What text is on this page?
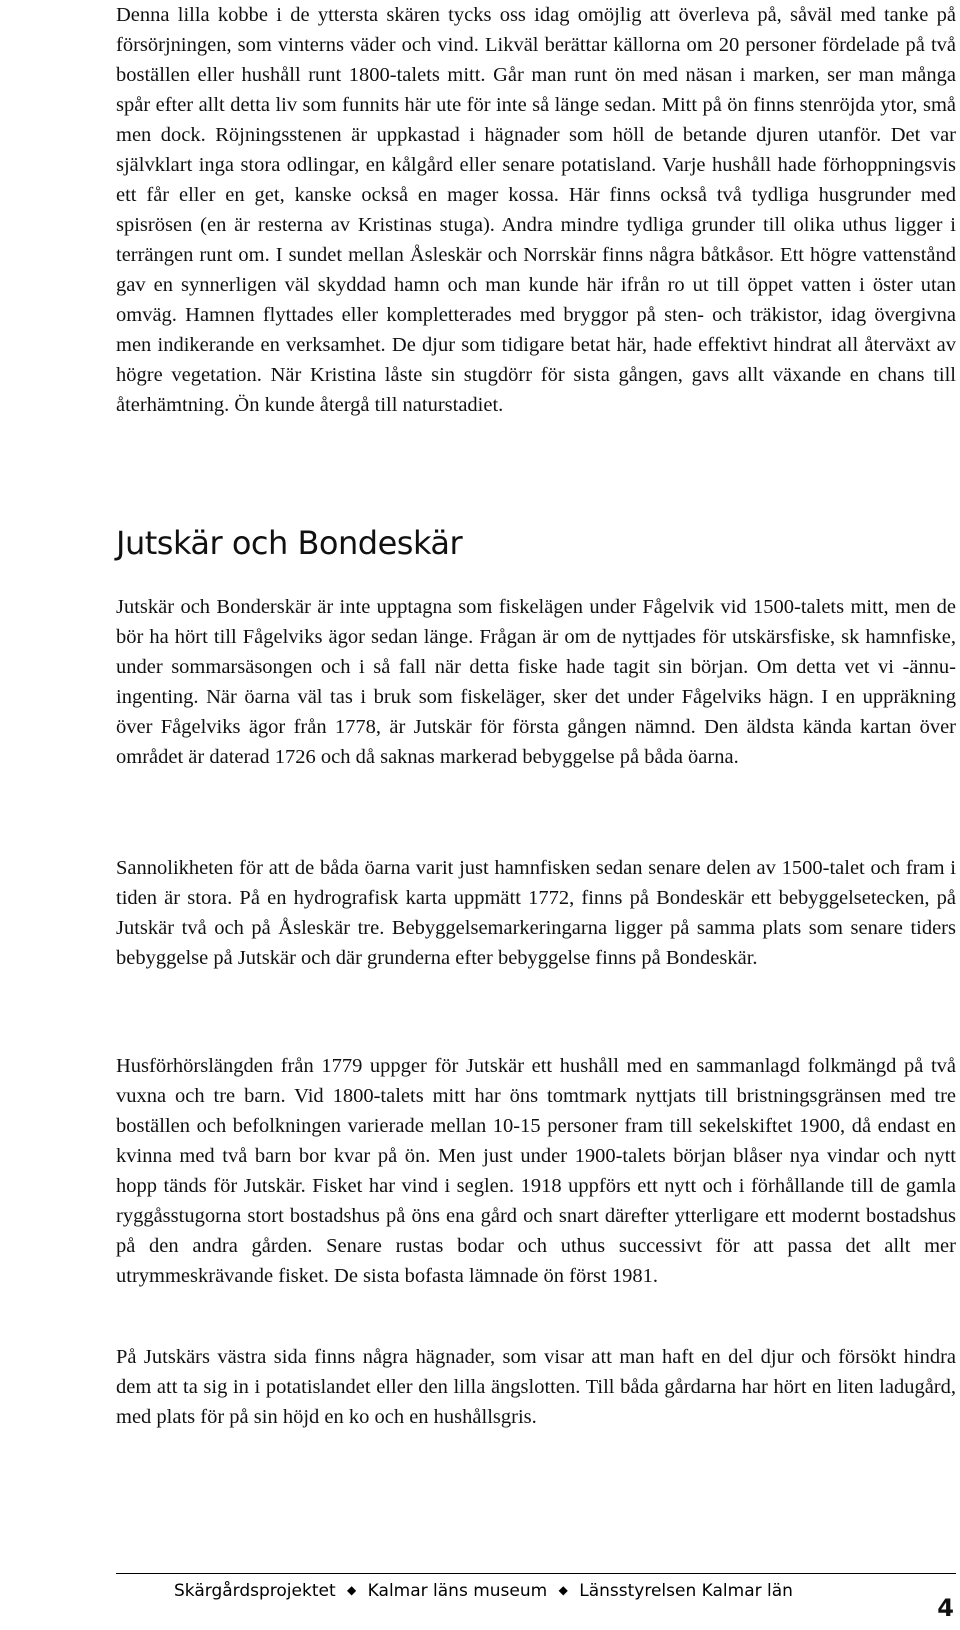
Denna lilla kobbe i de yttersta skären tycks oss idag omöjlig att överleva på, såväl med tanke på försörjningen, som vinterns väder och vind. Likväl berättar källorna om 20 personer fördelade på två boställen eller hushåll runt 1800-talets mitt. Går man runt ön med näsan i marken, ser man många spår efter allt detta liv som funnits här ute för inte så länge sedan. Mitt på ön finns stenröjda ytor, små men dock. Röjningsstenen är uppkastad i hägnader som höll de betande djuren utanför. Det var självklart inga stora odlingar, en kålgård eller senare potatisland. Varje hushåll hade förhoppningsvis ett får eller en get, kanske också en mager kossa. Här finns också två tydliga husgrunder med spisrösen (en är resterna av Kristinas stuga). Andra mindre tydliga grunder till olika uthus ligger i terrängen runt om. I sundet mellan Åsleskär och Norrskär finns några båtkåsor. Ett högre vattenstånd gav en synnerligen väl skyddad hamn och man kunde här ifrån ro ut till öppet vatten i öster utan omväg. Hamnen flyttades eller kompletterades med bryggor på sten- och träkistor, idag övergivna men indikerande en verksamhet. De djur som tidigare betat här, hade effektivt hindrat all återväxt av högre vegetation. När Kristina låste sin stugdörr för sista gången, gavs allt växande en chans till återhämtning. Ön kunde återgå till naturstadiet.

Jutskär och Bondeskär

Jutskär och Bonderskär är inte upptagna som fiskelägen under Fågelvik vid 1500-talets mitt, men de bör ha hört till Fågelviks ägor sedan länge. Frågan är om de nyttjades för utskärsfiske, sk hamnfiske, under sommarsäsongen och i så fall när detta fiske hade tagit sin början. Om detta vet vi -ännu- ingenting. När öarna väl tas i bruk som fiskeläger, sker det under Fågelviks hägn. I en uppräkning över Fågelviks ägor från 1778, är Jutskär för första gången nämnd. Den äldsta kända kartan över området är daterad 1726 och då saknas markerad bebyggelse på båda öarna.

Sannolikheten för att de båda öarna varit just hamnfisken sedan senare delen av 1500-talet och fram i tiden är stora. På en hydrografisk karta uppmätt 1772, finns på Bondeskär ett bebyggelsetecken, på Jutskär två och på Åsleskär tre. Bebyggelsemarkeringarna ligger på samma plats som senare tiders bebyggelse på Jutskär och där grunderna efter bebyggelse finns på Bondeskär.

Husförhörslängden från 1779 uppger för Jutskär ett hushåll med en sammanlagd folkmängd på två vuxna och tre barn. Vid 1800-talets mitt har öns tomtmark nyttjats till bristningsgränsen med tre boställen och befolkningen varierade mellan 10-15 personer fram till sekelskiftet 1900, då endast en kvinna med två barn bor kvar på ön. Men just under 1900-talets början blåser nya vindar och nytt hopp tänds för Jutskär. Fisket har vind i seglen. 1918 uppförs ett nytt och i förhållande till de gamla ryggåsstugorna stort bostadshus på öns ena gård och snart därefter ytterligare ett modernt bostadshus på den andra gården. Senare rustas bodar och uthus successivt för att passa det allt mer utrymmeskrävande fisket. De sista bofasta lämnade ön först 1981.

På Jutskärs västra sida finns några hägnader, som visar att man haft en del djur och försökt hindra dem att ta sig in i potatislandet eller den lilla ängslotten. Till båda gårdarna har hört en liten ladugård, med plats för på sin höjd en ko och en hushållsgris.

Skärgårdsprojektet ◆ Kalmar läns museum ◆ Länsstyrelsen Kalmar län
4
